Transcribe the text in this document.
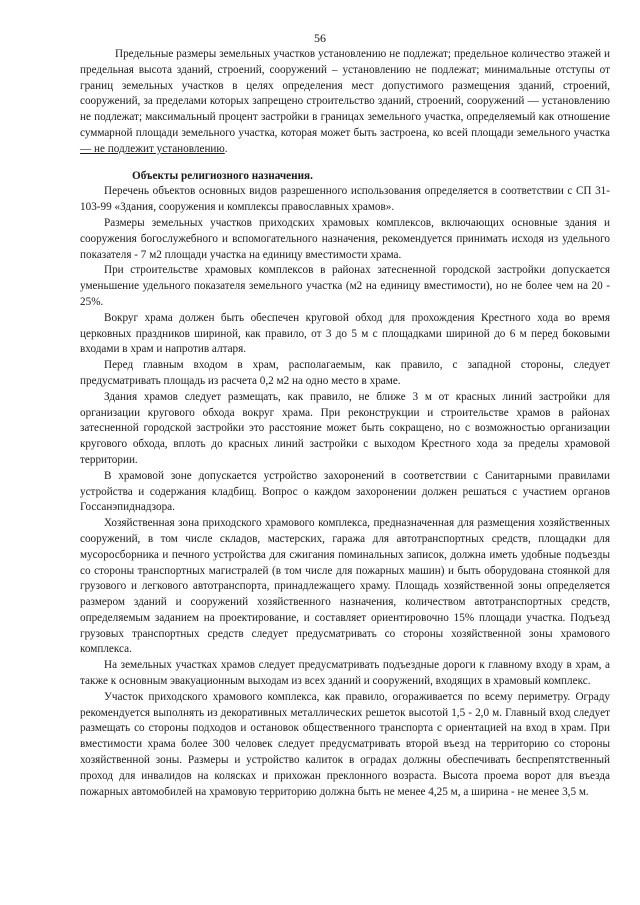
56

Предельные размеры земельных участков установлению не подлежат; предельное количество этажей и предельная высота зданий, строений, сооружений – установлению не подлежат; минимальные отступы от границ земельных участков в целях определения мест допустимого размещения зданий, строений, сооружений, за пределами которых запрещено строительство зданий, строений, сооружений — установлению не подлежат; максимальный процент застройки в границах земельного участка, определяемый как отношение суммарной площади земельного участка, которая может быть застроена, ко всей площади земельного участка — не подлежит установлению.

Объекты религиозного назначения.

Перечень объектов основных видов разрешенного использования определяется в соответствии с СП 31-103-99 «Здания, сооружения и комплексы православных храмов».

Размеры земельных участков приходских храмовых комплексов, включающих основные здания и сооружения богослужебного и вспомогательного назначения, рекомендуется принимать исходя из удельного показателя - 7 м2 площади участка на единицу вместимости храма.

При строительстве храмовых комплексов в районах затесненной городской застройки допускается уменьшение удельного показателя земельного участка (м2 на единицу вместимости), но не более чем на 20 - 25%.

Вокруг храма должен быть обеспечен круговой обход для прохождения Крестного хода во время церковных праздников шириной, как правило, от 3 до 5 м с площадками шириной до 6 м перед боковыми входами в храм и напротив алтаря.

Перед главным входом в храм, располагаемым, как правило, с западной стороны, следует предусматривать площадь из расчета 0,2 м2 на одно место в храме.

Здания храмов следует размещать, как правило, не ближе 3 м от красных линий застройки для организации кругового обхода вокруг храма. При реконструкции и строительстве храмов в районах затесненной городской застройки это расстояние может быть сокращено, но с возможностью организации кругового обхода, вплоть до красных линий застройки с выходом Крестного хода за пределы храмовой территории.

В храмовой зоне допускается устройство захоронений в соответствии с Санитарными правилами устройства и содержания кладбищ. Вопрос о каждом захоронении должен решаться с участием органов Госсанэпиднадзора.

Хозяйственная зона приходского храмового комплекса, предназначенная для размещения хозяйственных сооружений, в том числе складов, мастерских, гаража для автотранспортных средств, площадки для мусоросборника и печного устройства для сжигания поминальных записок, должна иметь удобные подъезды со стороны транспортных магистралей (в том числе для пожарных машин) и быть оборудована стоянкой для грузового и легкового автотранспорта, принадлежащего храму. Площадь хозяйственной зоны определяется размером зданий и сооружений хозяйственного назначения, количеством автотранспортных средств, определяемым заданием на проектирование, и составляет ориентировочно 15% площади участка. Подъезд грузовых транспортных средств следует предусматривать со стороны хозяйственной зоны храмового комплекса.

На земельных участках храмов следует предусматривать подъездные дороги к главному входу в храм, а также к основным эвакуационным выходам из всех зданий и сооружений, входящих в храмовый комплекс.

Участок приходского храмового комплекса, как правило, огораживается по всему периметру. Ограду рекомендуется выполнять из декоративных металлических решеток высотой 1,5 - 2,0 м. Главный вход следует размещать со стороны подходов и остановок общественного транспорта с ориентацией на вход в храм. При вместимости храма более 300 человек следует предусматривать второй въезд на территорию со стороны хозяйственной зоны. Размеры и устройство калиток в оградах должны обеспечивать беспрепятственный проход для инвалидов на колясках и прихожан преклонного возраста. Высота проема ворот для въезда пожарных автомобилей на храмовую территорию должна быть не менее 4,25 м, а ширина - не менее 3,5 м.
